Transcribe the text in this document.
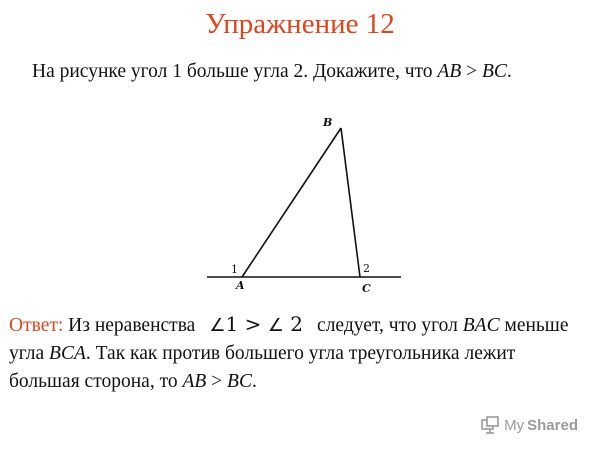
Упражнение 12
На рисунке угол 1 больше угла 2. Докажите, что AB > BC.
B
A	C
1	2
Ответ: Из неравенства ∠1 > ∠ 2 следует, что угол BAC меньше угла BCA. Так как против большего угла треугольника лежит большая сторона, то AB > BC.
My Shared
